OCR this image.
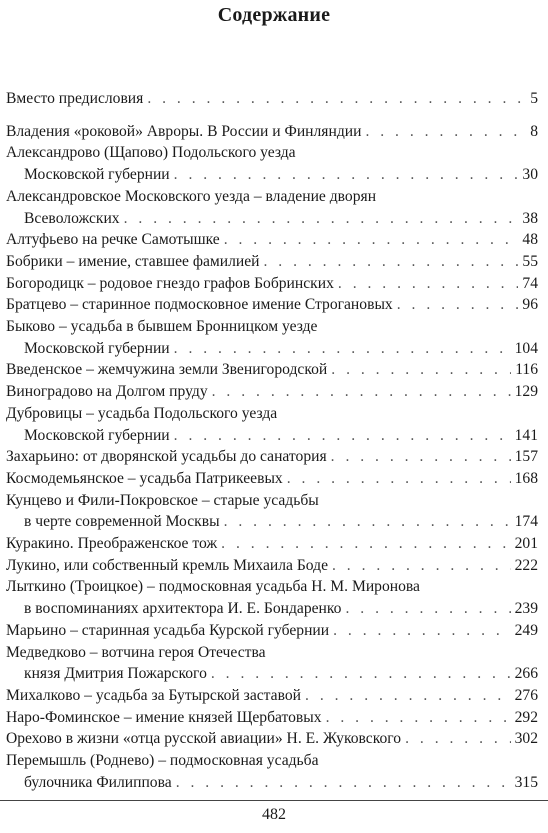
Содержание
Вместо предисловия . . .	5
Владения «роковой» Авроры. В России и Финляндии . . .	8
Александрово (Щапово) Подольского уезда
Московской губернии . . .	30
Александровское Московского уезда – владение дворян
Всеволожских . . .	38
Алтуфьево на речке Самотышке . . .	48
Бобрики – имение, ставшее фамилией . . .	55
Богородицк – родовое гнездо графов Бобринских . . .	74
Братцево – старинное подмосковное имение Строгановых . . .	96
Быково – усадьба в бывшем Бронницком уезде
Московской губернии . . .	104
Введенское – жемчужина земли Звенигородской . . .	116
Виноградово на Долгом пруду . . .	129
Дубровицы – усадьба Подольского уезда
Московской губернии . . .	141
Захарьино: от дворянской усадьбы до санатория . . .	157
Космодемьянское – усадьба Патрикеевых . . .	168
Кунцево и Фили-Покровское – старые усадьбы
в черте современной Москвы . . .	174
Куракино. Преображенское тож . . .	201
Лукино, или собственный кремль Михаила Боде . . .	222
Лыткино (Троицкое) – подмосковная усадьба Н. М. Миронова
в воспоминаниях архитектора И. Е. Бондаренко . . .	239
Марьино – старинная усадьба Курской губернии . . .	249
Медведково – вотчина героя Отечества
князя Дмитрия Пожарского . . .	266
Михалково – усадьба за Бутырской заставой . . .	276
Наро-Фоминское – имение князей Щербатовых . . .	292
Орехово в жизни «отца русской авиации» Н. Е. Жуковского . . .	302
Перемышль (Роднево) – подмосковная усадьба
булочника Филиппова . . .	315
482
